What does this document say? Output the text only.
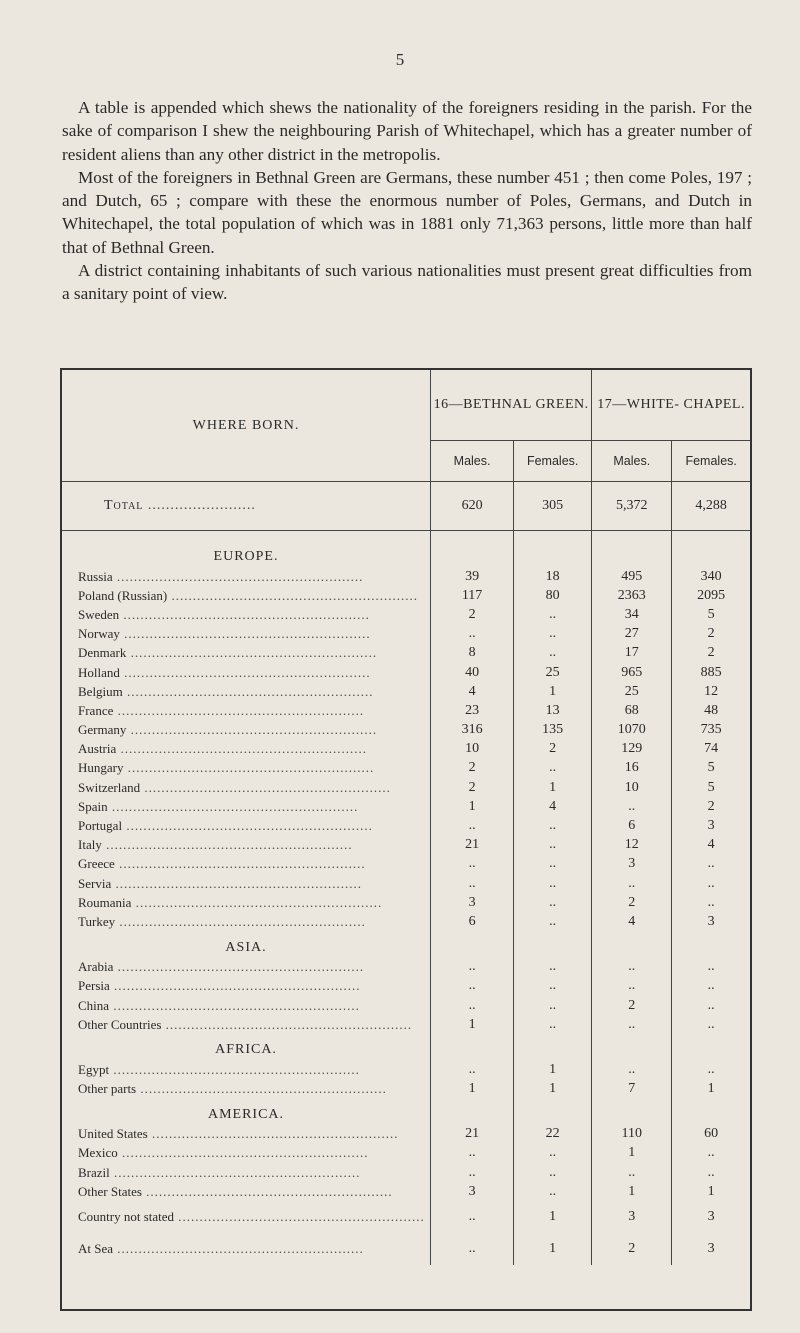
5

A table is appended which shews the nationality of the foreigners residing in the parish. For the sake of comparison I shew the neighbouring Parish of Whitechapel, which has a greater number of resident aliens than any other district in the metropolis.

Most of the foreigners in Bethnal Green are Germans, these number 451 ; then come Poles, 197 ; and Dutch, 65 ; compare with these the enormous number of Poles, Germans, and Dutch in Whitechapel, the total population of which was in 1881 only 71,363 persons, little more than half that of Bethnal Green.

A district containing inhabitants of such various nationalities must present great difficulties from a sanitary point of view.

WHERE BORN.	16—BETHNAL GREEN.		17—WHITE- CHAPEL.	
	Males.	Females.	Males.	Females.
Total ........................	620	305	5,372	4,288

EUROPE.				
Russia ..........................................................	39	18	495	340
Poland (Russian) ..........................................................	117	80	2363	2095
Sweden ..........................................................	2	..	34	5
Norway ..........................................................	..	..	27	2
Denmark ..........................................................	8	..	17	2
Holland ..........................................................	40	25	965	885
Belgium ..........................................................	4	1	25	12
France ..........................................................	23	13	68	48
Germany ..........................................................	316	135	1070	735
Austria ..........................................................	10	2	129	74
Hungary ..........................................................	2	..	16	5
Switzerland ..........................................................	2	1	10	5
Spain ..........................................................	1	4	..	2
Portugal ..........................................................	..	..	6	3
Italy ..........................................................	21	..	12	4
Greece ..........................................................	..	..	3	..
Servia ..........................................................	..	..	..	..
Roumania ..........................................................	3	..	2	..
Turkey ..........................................................	6	..	4	3
ASIA.				
Arabia ..........................................................	..	..	..	..
Persia ..........................................................	..	..	..	..
China ..........................................................	..	..	2	..
Other Countries ..........................................................	1	..	..	..
AFRICA.				
Egypt ..........................................................	..	1	..	..
Other parts ..........................................................	1	1	7	1
AMERICA.				
United States ..........................................................	21	22	110	60
Mexico ..........................................................	..	..	1	..
Brazil ..........................................................	..	..	..	..
Other States ..........................................................	3	..	1	1
Country not stated ..........................................................	..	1	3	3
At Sea ..........................................................	..	1	2	3
